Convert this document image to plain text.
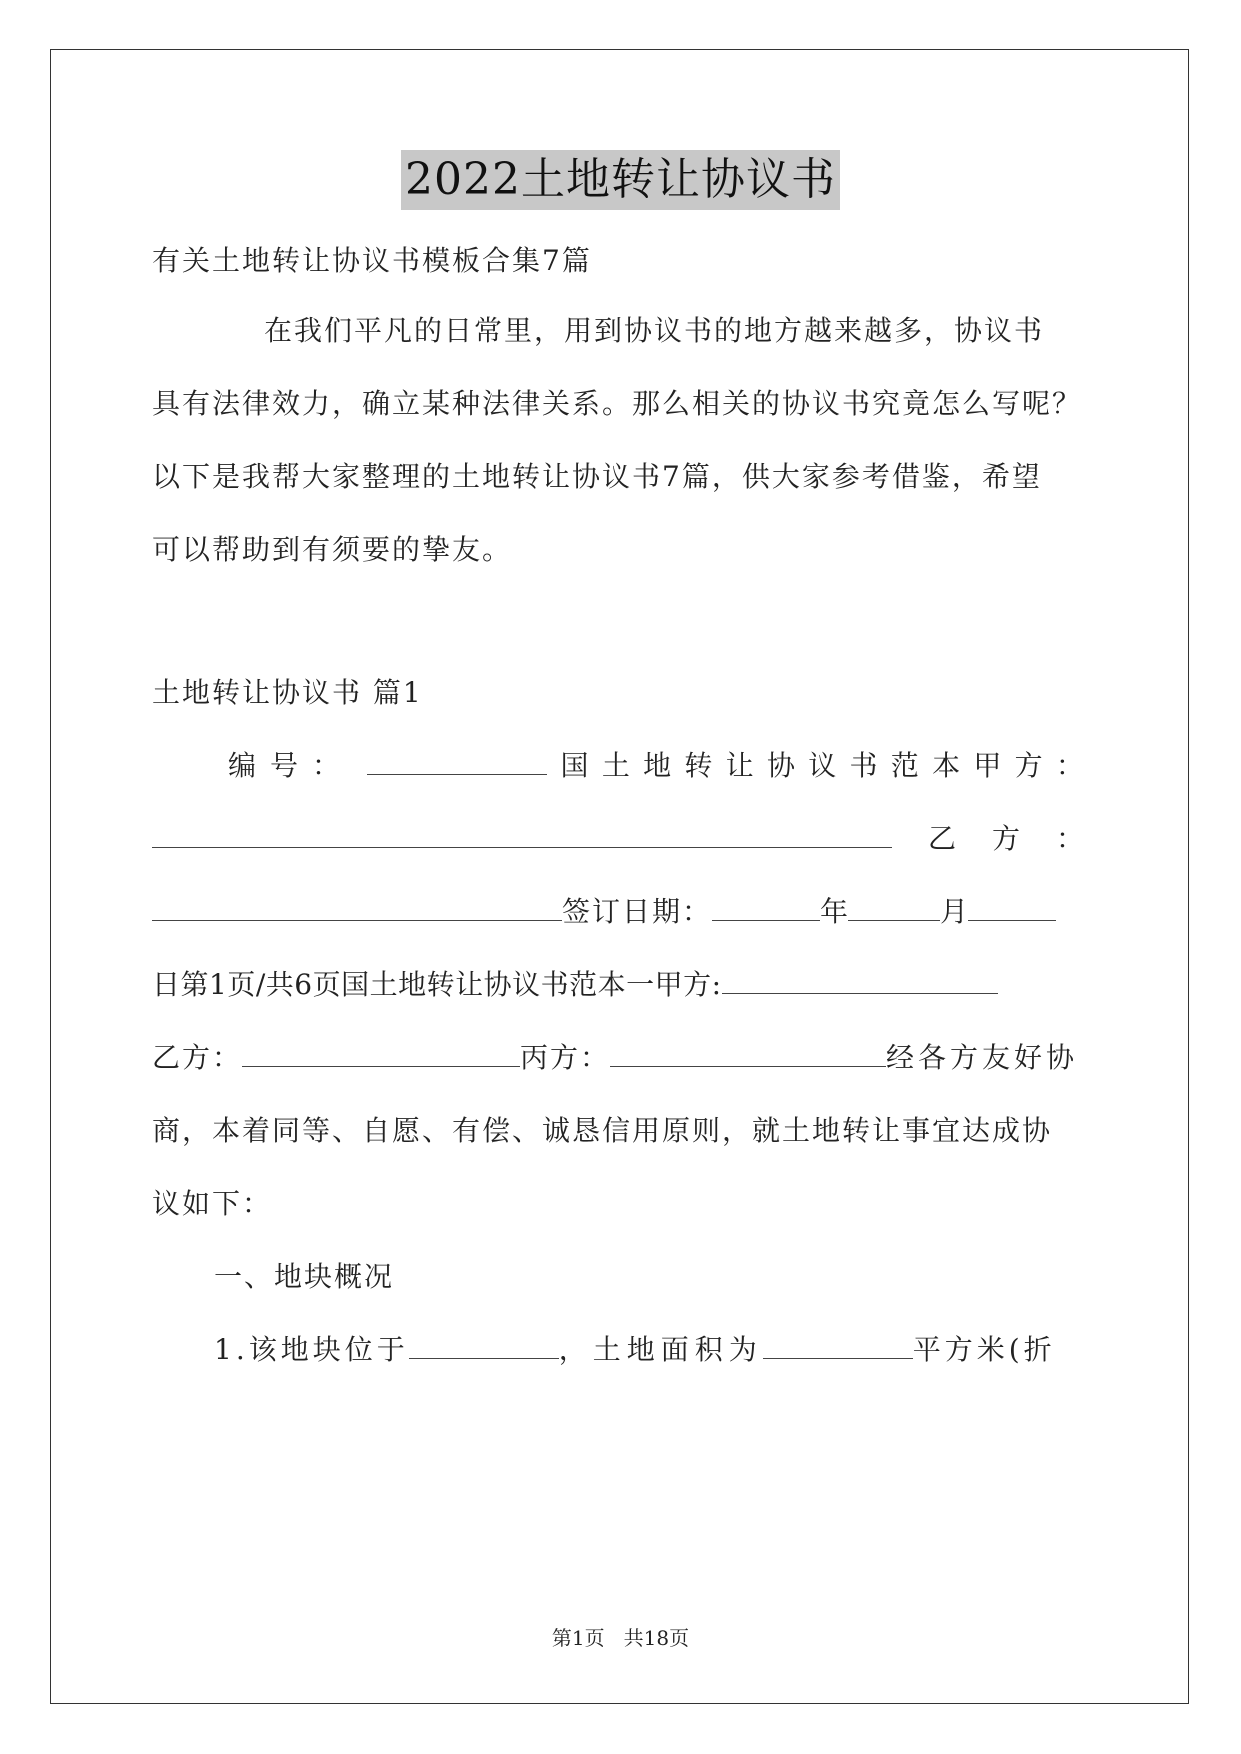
2022土地转让协议书
有关土地转让协议书模板合集7篇
在我们平凡的日常里，用到协议书的地方越来越多，协议书
具有法律效力，确立某种法律关系。那么相关的协议书究竟怎么写呢？
以下是我帮大家整理的土地转让协议书7篇，供大家参考借鉴，希望
可以帮助到有须要的挚友。
土地转让协议书 篇1
编号：	国 土 地 转 让 协 议 书 范 本 甲 方 ：
乙 方 ：
签订日期：	年	月
日第1页/共6页国土地转让协议书范本一甲方:
乙方：	丙方：	经各方友好协
商，本着同等、自愿、有偿、诚恳信用原则，就土地转让事宜达成协
议如下：
一、地块概况
1.该地块位于	，土地面积为	平方米(折
第1页   共18页
